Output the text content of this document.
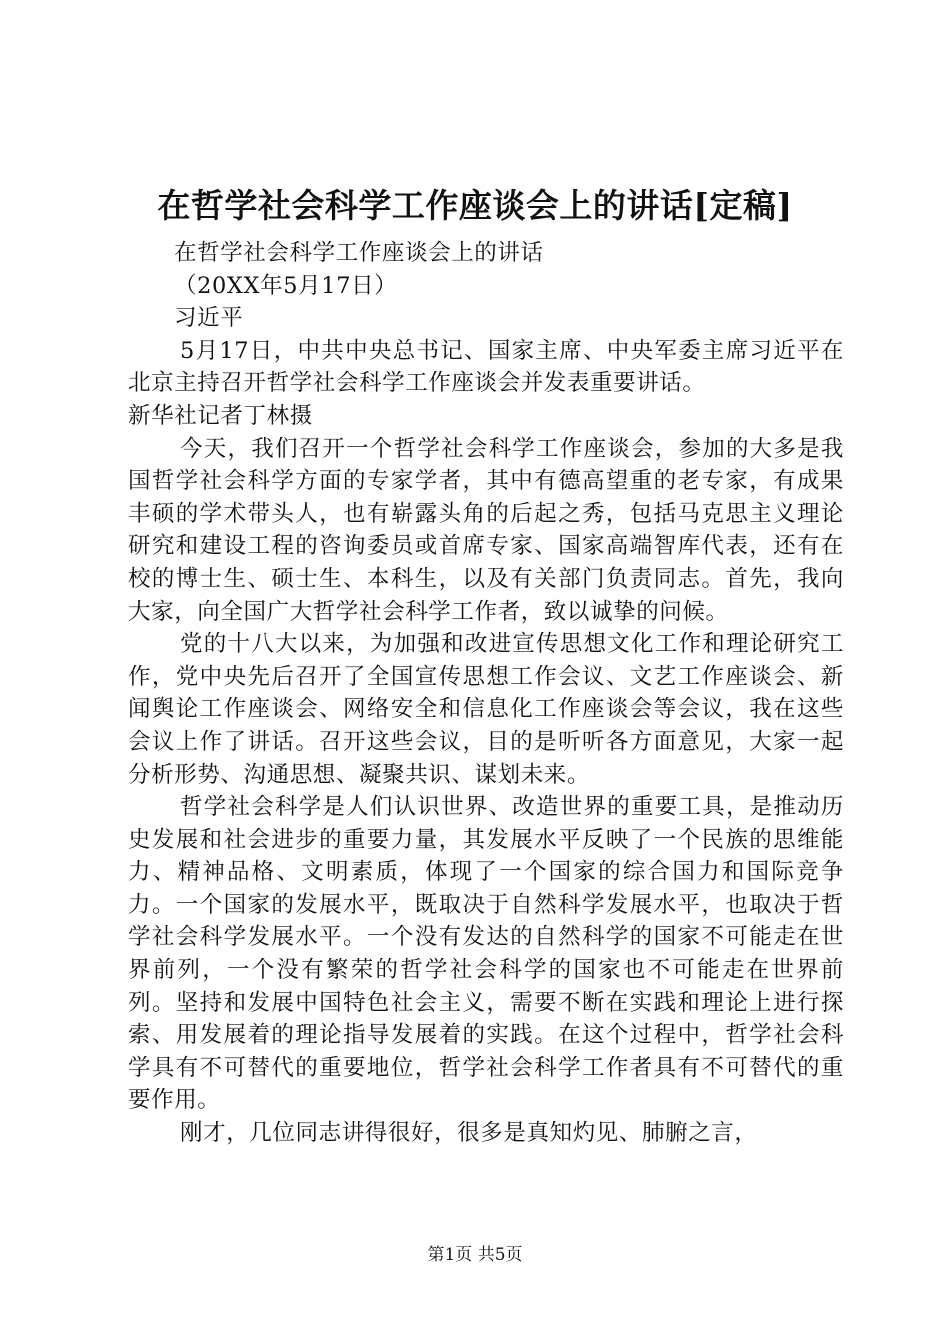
在哲学社会科学工作座谈会上的讲话[定稿]

在哲学社会科学工作座谈会上的讲话

（20XX年5月17日）

习近平

5月17日，中共中央总书记、国家主席、中央军委主席习近平在北京主持召开哲学社会科学工作座谈会并发表重要讲话。

新华社记者丁林摄

今天，我们召开一个哲学社会科学工作座谈会，参加的大多是我国哲学社会科学方面的专家学者，其中有德高望重的老专家，有成果丰硕的学术带头人，也有崭露头角的后起之秀，包括马克思主义理论研究和建设工程的咨询委员或首席专家、国家高端智库代表，还有在校的博士生、硕士生、本科生，以及有关部门负责同志。首先，我向大家，向全国广大哲学社会科学工作者，致以诚挚的问候。

党的十八大以来，为加强和改进宣传思想文化工作和理论研究工作，党中央先后召开了全国宣传思想工作会议、文艺工作座谈会、新闻舆论工作座谈会、网络安全和信息化工作座谈会等会议，我在这些会议上作了讲话。召开这些会议，目的是听听各方面意见，大家一起分析形势、沟通思想、凝聚共识、谋划未来。

哲学社会科学是人们认识世界、改造世界的重要工具，是推动历史发展和社会进步的重要力量，其发展水平反映了一个民族的思维能力、精神品格、文明素质，体现了一个国家的综合国力和国际竞争力。一个国家的发展水平，既取决于自然科学发展水平，也取决于哲学社会科学发展水平。一个没有发达的自然科学的国家不可能走在世界前列，一个没有繁荣的哲学社会科学的国家也不可能走在世界前列。坚持和发展中国特色社会主义，需要不断在实践和理论上进行探索、用发展着的理论指导发展着的实践。在这个过程中，哲学社会科学具有不可替代的重要地位，哲学社会科学工作者具有不可替代的重要作用。

刚才，几位同志讲得很好，很多是真知灼见、肺腑之言，

第1页 共5页
